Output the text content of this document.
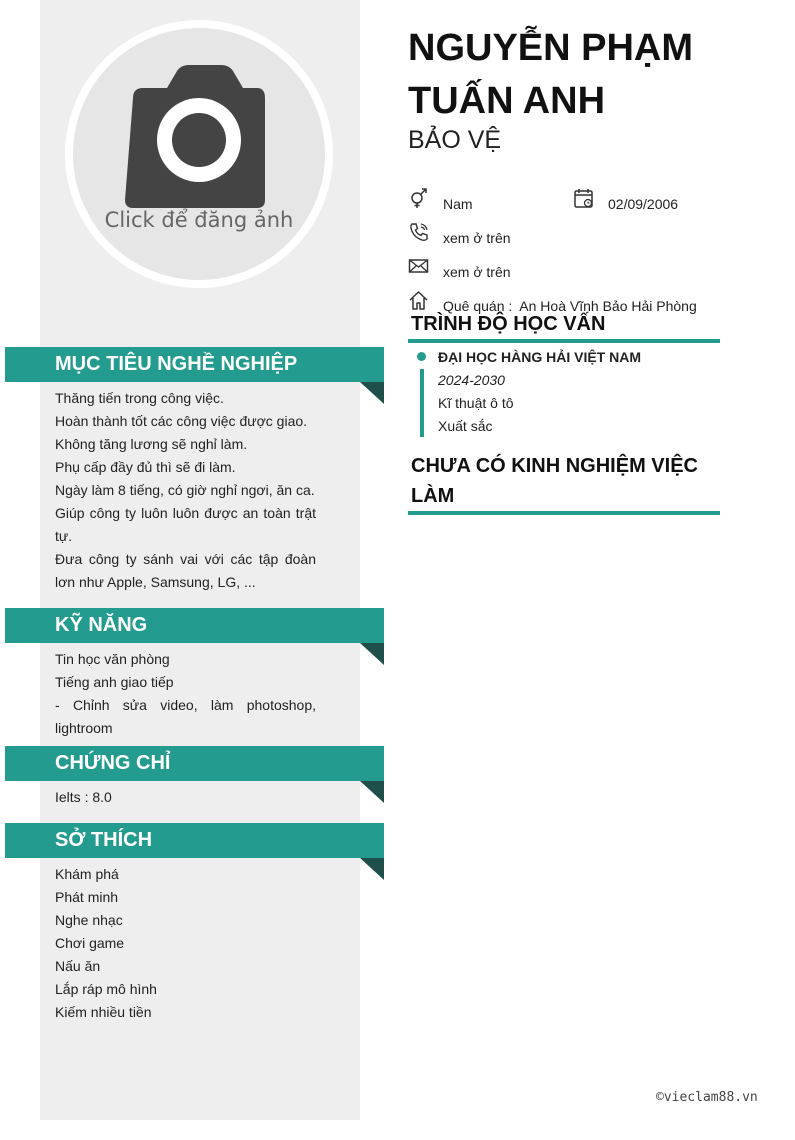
Click để đăng ảnh
MỤC TIÊU NGHỀ NGHIỆP
Thăng tiến trong công việc.
Hoàn thành tốt các công việc được giao.
Không tăng lương sẽ nghỉ làm.
Phụ cấp đầy đủ thì sẽ đi làm.
Ngày làm 8 tiếng, có giờ nghỉ ngơi, ăn ca.
Giúp công ty luôn luôn được an toàn trật tự.
Đưa công ty sánh vai với các tập đoàn lơn như Apple, Samsung, LG, ...
KỸ NĂNG
Tin học văn phòng
Tiếng anh giao tiếp
- Chỉnh sửa video, làm photoshop, lightroom
CHỨNG CHỈ
Ielts : 8.0
SỞ THÍCH
Khám phá
Phát minh
Nghe nhạc
Chơi game
Nấu ăn
Lắp ráp mô hình
Kiếm nhiều tiền
NGUYỄN PHẠM TUẤN ANH
BẢO VỆ
Nam	02/09/2006
xem ở trên
xem ở trên
Quê quán : An Hoà Vĩnh Bảo Hải Phòng
TRÌNH ĐỘ HỌC VẤN
ĐẠI HỌC HÀNG HẢI VIỆT NAM
2024-2030
Kĩ thuật ô tô
Xuất sắc
CHƯA CÓ KINH NGHIỆM VIỆC LÀM
©vieclam88.vn
